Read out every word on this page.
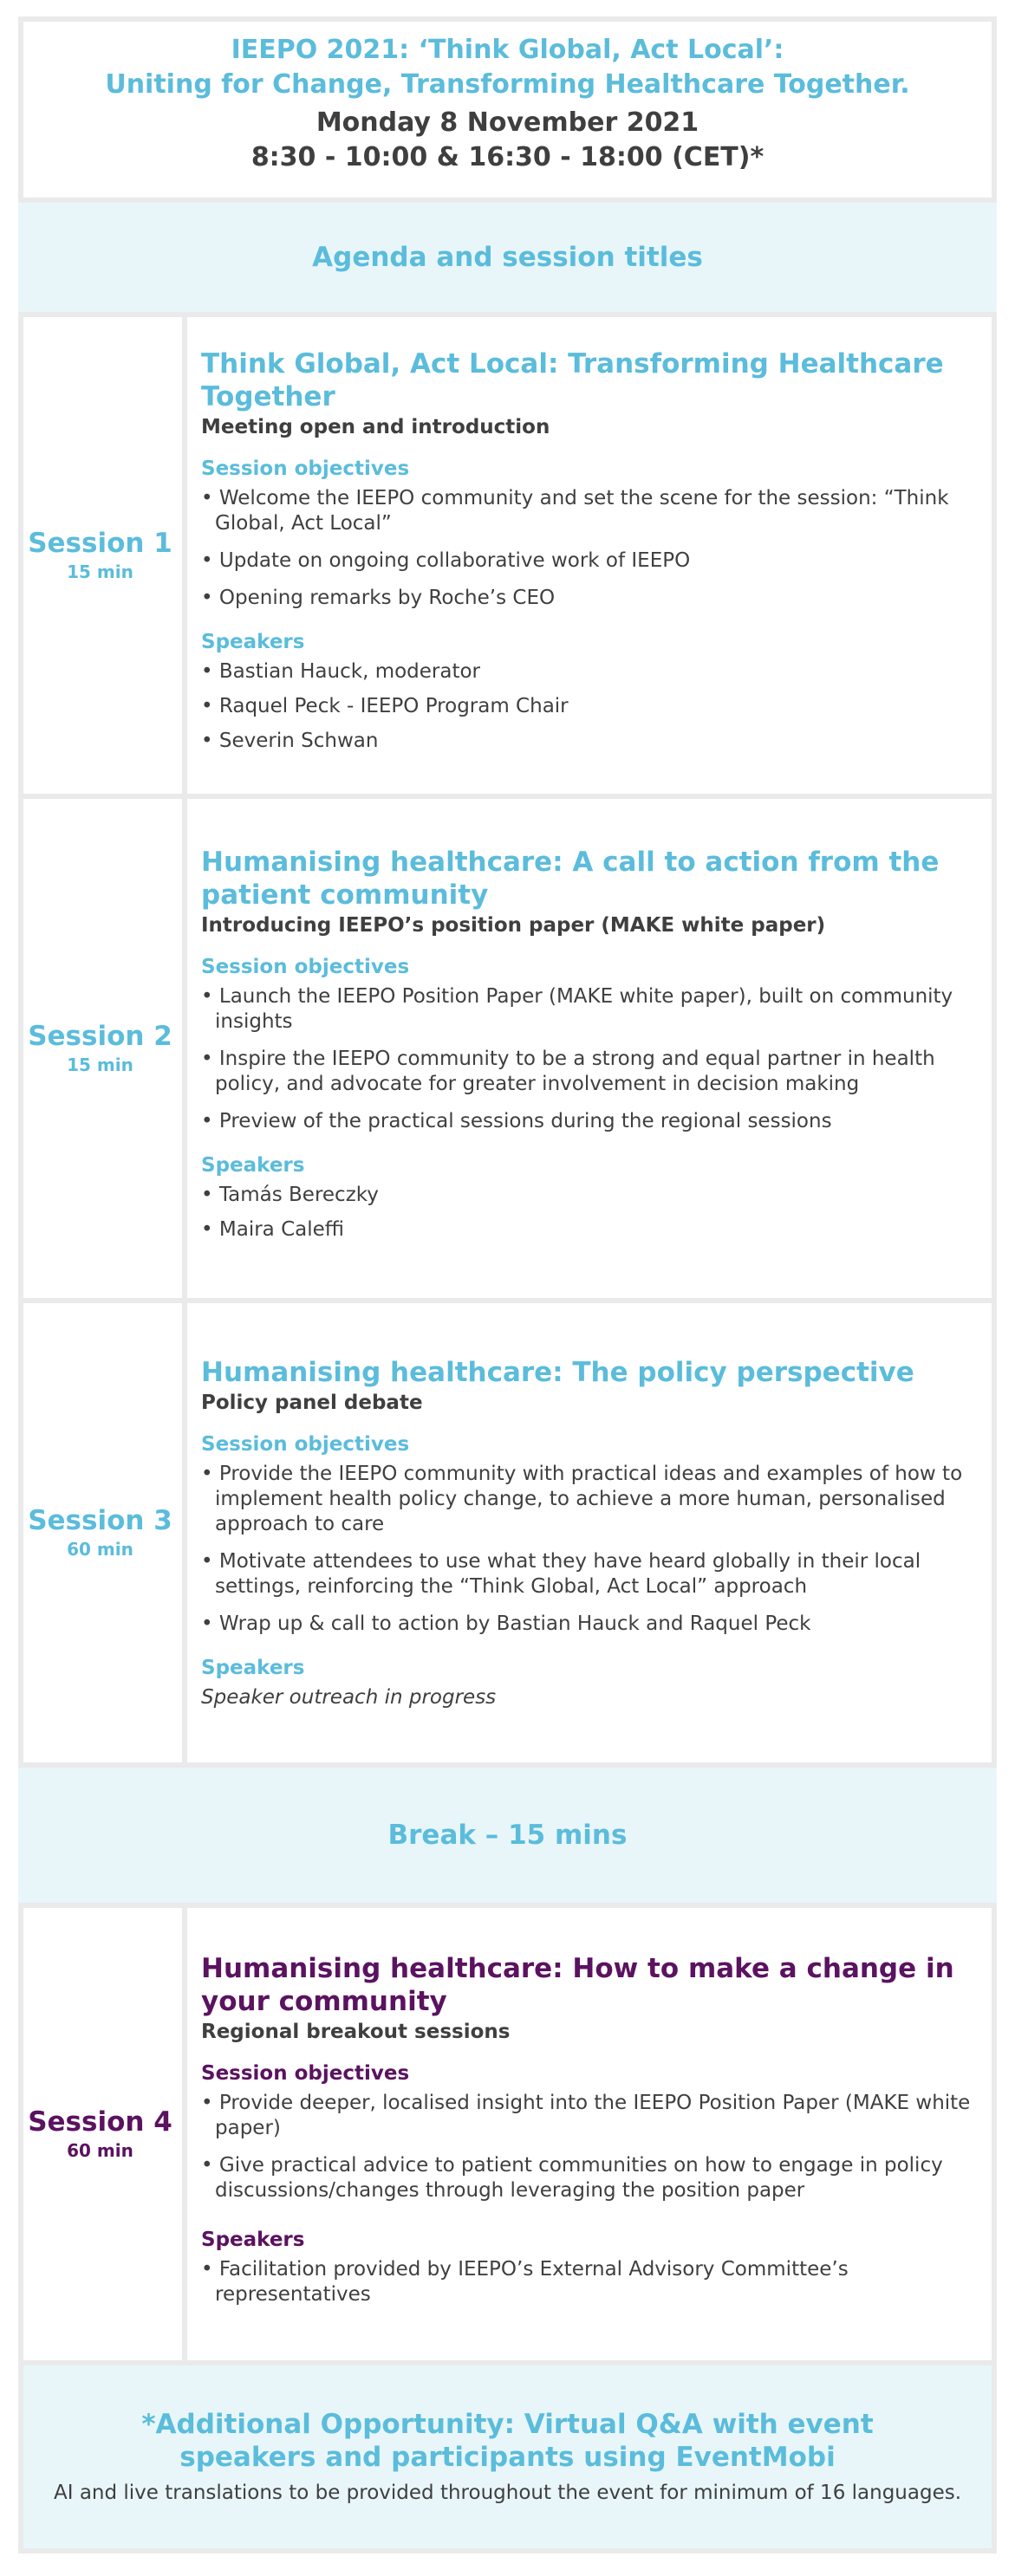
IEEPO 2021: ‘Think Global, Act Local’:
Uniting for Change, Transforming Healthcare Together.
Monday 8 November 2021
8:30 - 10:00 & 16:30 - 18:00 (CET)*
Agenda and session titles
Session 1
15 min
Think Global, Act Local: Transforming Healthcare Together
Meeting open and introduction
Session objectives
• Welcome the IEEPO community and set the scene for the session: “Think Global, Act Local”
• Update on ongoing collaborative work of IEEPO
• Opening remarks by Roche’s CEO
Speakers
• Bastian Hauck, moderator
• Raquel Peck - IEEPO Program Chair
• Severin Schwan
Session 2
15 min
Humanising healthcare: A call to action from the patient community
Introducing IEEPO’s position paper (MAKE white paper)
Session objectives
• Launch the IEEPO Position Paper (MAKE white paper), built on community insights
• Inspire the IEEPO community to be a strong and equal partner in health policy, and advocate for greater involvement in decision making
• Preview of the practical sessions during the regional sessions
Speakers
• Tamás Bereczky
• Maira Caleffi
Session 3
60 min
Humanising healthcare: The policy perspective
Policy panel debate
Session objectives
• Provide the IEEPO community with practical ideas and examples of how to implement health policy change, to achieve a more human, personalised approach to care
• Motivate attendees to use what they have heard globally in their local settings, reinforcing the “Think Global, Act Local” approach
• Wrap up & call to action by Bastian Hauck and Raquel Peck
Speakers
Speaker outreach in progress
Break – 15 mins
Session 4
60 min
Humanising healthcare: How to make a change in your community
Regional breakout sessions
Session objectives
• Provide deeper, localised insight into the IEEPO Position Paper (MAKE white paper)
• Give practical advice to patient communities on how to engage in policy discussions/changes through leveraging the position paper
Speakers
• Facilitation provided by IEEPO’s External Advisory Committee’s representatives
*Additional Opportunity: Virtual Q&A with event speakers and participants using EventMobi
AI and live translations to be provided throughout the event for minimum of 16 languages.
